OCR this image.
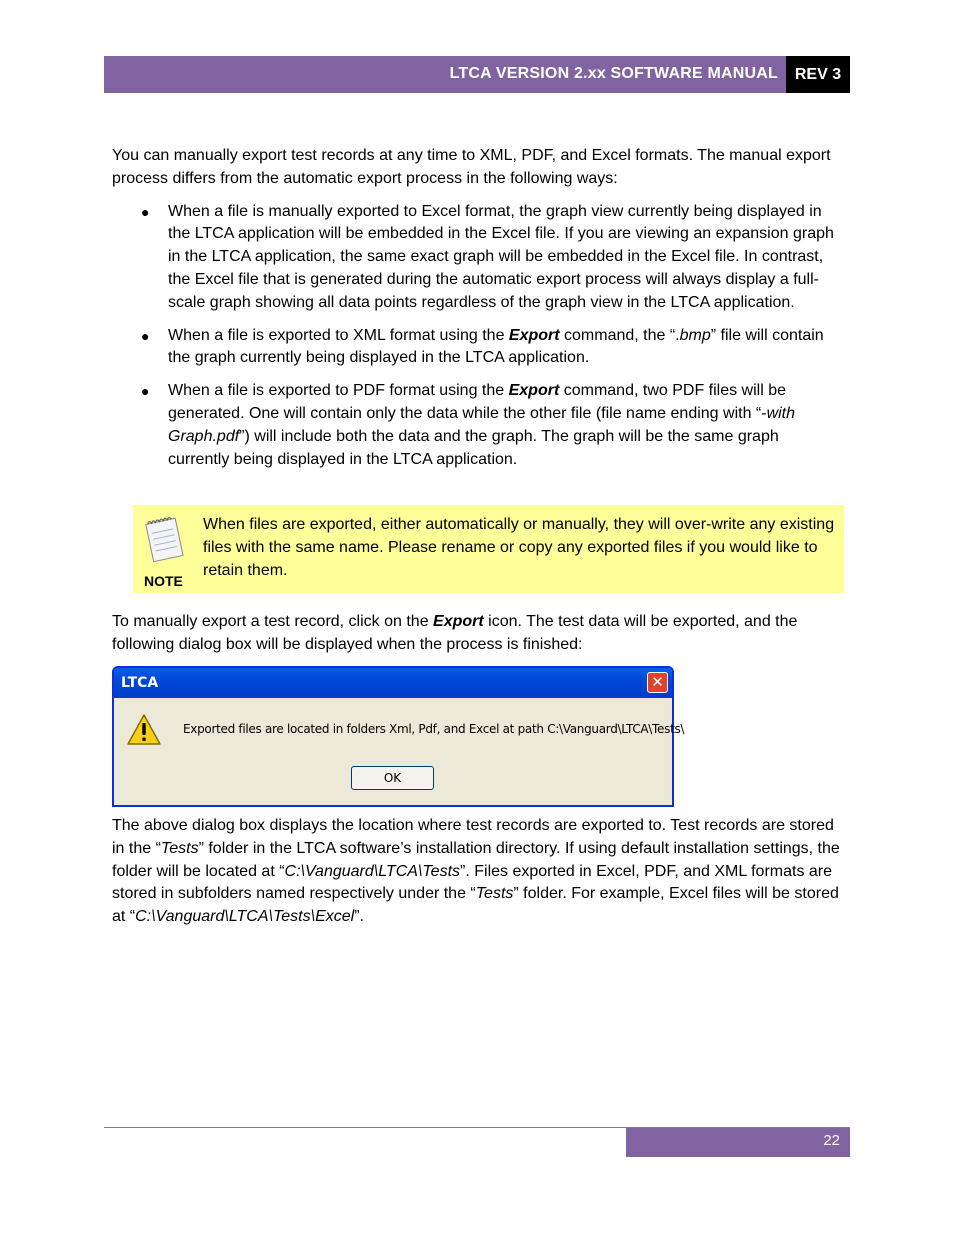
LTCA VERSION 2.xx SOFTWARE MANUAL	REV 3

You can manually export test records at any time to XML, PDF, and Excel formats. The manual export process differs from the automatic export process in the following ways:

● When a file is manually exported to Excel format, the graph view currently being displayed in the LTCA application will be embedded in the Excel file. If you are viewing an expansion graph in the LTCA application, the same exact graph will be embedded in the Excel file. In contrast, the Excel file that is generated during the automatic export process will always display a full-scale graph showing all data points regardless of the graph view in the LTCA application.
● When a file is exported to XML format using the Export command, the “.bmp” file will contain the graph currently being displayed in the LTCA application.
● When a file is exported to PDF format using the Export command, two PDF files will be generated. One will contain only the data while the other file (file name ending with “-with Graph.pdf”) will include both the data and the graph. The graph will be the same graph currently being displayed in the LTCA application.
NOTE
When files are exported, either automatically or manually, they will over-write any existing files with the same name. Please rename or copy any exported files if you would like to retain them.

To manually export a test record, click on the Export icon. The test data will be exported, and the following dialog box will be displayed when the process is finished:

LTCA	✕
Exported files are located in folders Xml, Pdf, and Excel at path C:\Vanguard\LTCA\Tests\
OK

The above dialog box displays the location where test records are exported to. Test records are stored in the “Tests” folder in the LTCA software’s installation directory. If using default installation settings, the folder will be located at “C:\Vanguard\LTCA\Tests”. Files exported in Excel, PDF, and XML formats are stored in subfolders named respectively under the “Tests” folder. For example, Excel files will be stored at “C:\Vanguard\LTCA\Tests\Excel”.

22
